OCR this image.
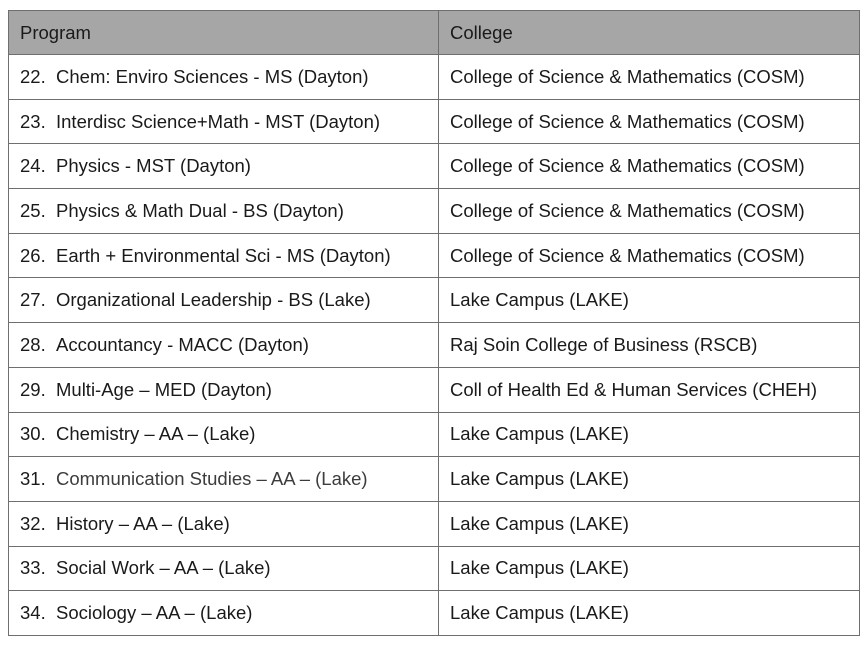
Program	College
22. Chem: Enviro Sciences - MS (Dayton)	College of Science & Mathematics (COSM)
23. Interdisc Science+Math - MST (Dayton)	College of Science & Mathematics (COSM)
24. Physics - MST (Dayton)	College of Science & Mathematics (COSM)
25. Physics & Math Dual - BS (Dayton)	College of Science & Mathematics (COSM)
26. Earth + Environmental Sci - MS (Dayton)	College of Science & Mathematics (COSM)
27. Organizational Leadership - BS (Lake)	Lake Campus (LAKE)
28. Accountancy - MACC (Dayton)	Raj Soin College of Business (RSCB)
29. Multi-Age – MED (Dayton)	Coll of Health Ed & Human Services (CHEH)
30. Chemistry – AA – (Lake)	Lake Campus (LAKE)
31. Communication Studies – AA – (Lake)	Lake Campus (LAKE)
32. History – AA – (Lake)	Lake Campus (LAKE)
33. Social Work – AA – (Lake)	Lake Campus (LAKE)
34. Sociology – AA – (Lake)	Lake Campus (LAKE)
